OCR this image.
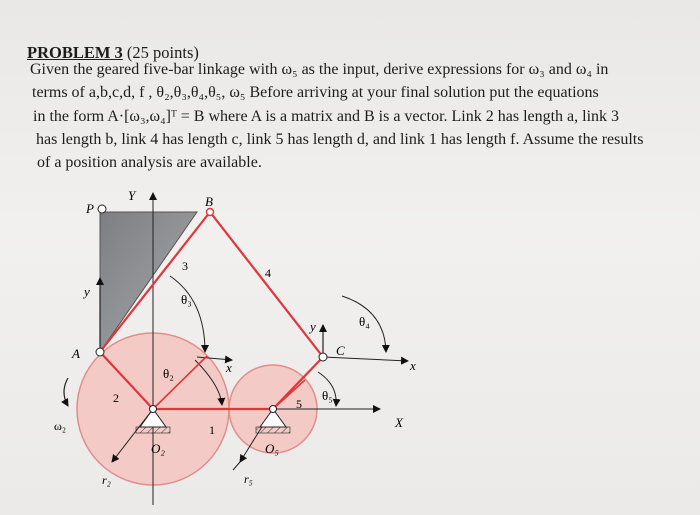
PROBLEM 3 (25 points)
Given the geared five-bar linkage with ω₅ as the input, derive expressions for ω₃ and ω₄ in
terms of a,b,c,d, f , θ₂,θ₃,θ₄,θ₅, ω₅ Before arriving at your final solution put the equations
in the form A·[ω₃,ω₄]ᵀ = B where A is a matrix and B is a vector. Link 2 has length a, link 3
has length b, link 4 has length c, link 5 has length d, and link 1 has length f. Assume the results
of a position analysis are available.
Y
P	B
3	4
θ₃
θ₄
y
y
x	x
A	C
θ₂
θ₅
2	5
1	X
ω₂
O₂	O₅
r₂	r₅
